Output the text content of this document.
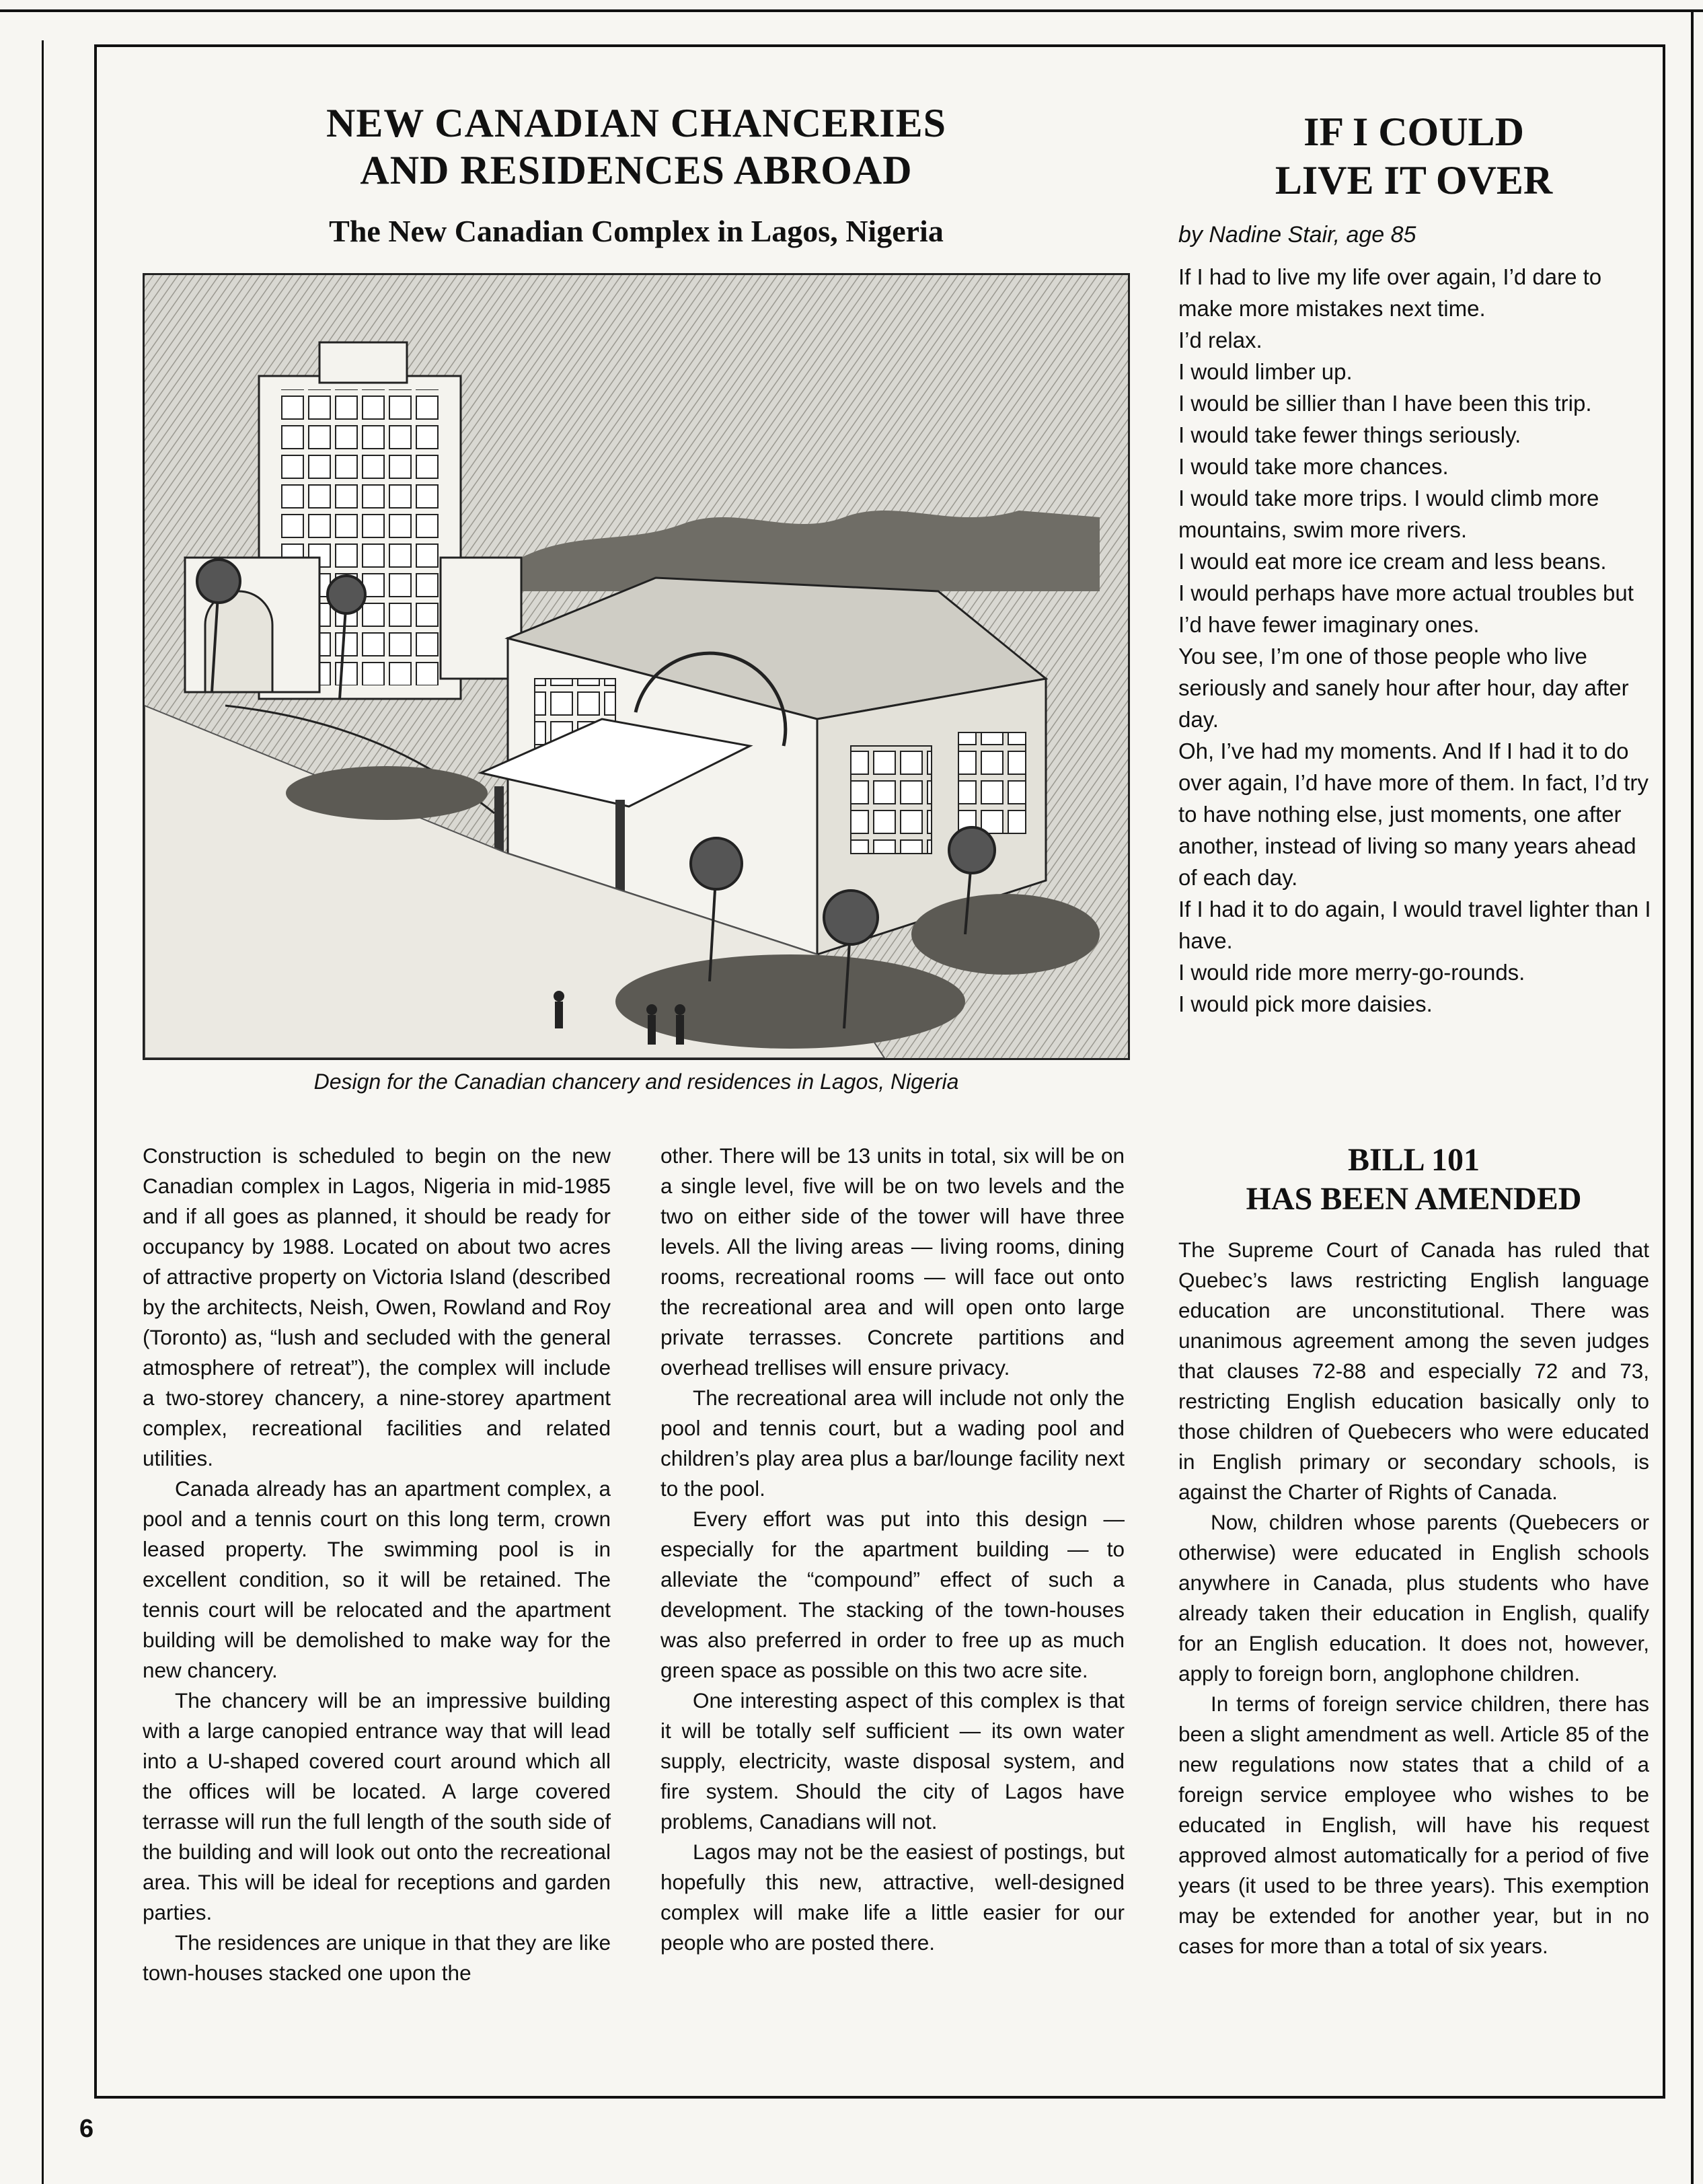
NEW CANADIAN CHANCERIES
AND RESIDENCES ABROAD
The New Canadian Complex in Lagos, Nigeria
Design for the Canadian chancery and residences in Lagos, Nigeria

Construction is scheduled to begin on the new Canadian complex in Lagos, Nigeria in mid-1985 and if all goes as planned, it should be ready for occupancy by 1988. Located on about two acres of attractive property on Victoria Island (described by the architects, Neish, Owen, Rowland and Roy (Toronto) as, “lush and secluded with the general atmosphere of retreat”), the complex will include a two-storey chancery, a nine-storey apartment complex, recreational facilities and related utilities.

Canada already has an apartment complex, a pool and a tennis court on this long term, crown leased property. The swimming pool is in excellent condition, so it will be retained. The tennis court will be relocated and the apartment building will be demolished to make way for the new chancery.

The chancery will be an impressive building with a large canopied entrance way that will lead into a U-shaped covered court around which all the offices will be located. A large covered terrasse will run the full length of the south side of the building and will look out onto the recreational area. This will be ideal for receptions and garden parties.

The residences are unique in that they are like town-houses stacked one upon the

other. There will be 13 units in total, six will be on a single level, five will be on two levels and the two on either side of the tower will have three levels. All the living areas — living rooms, dining rooms, recreational rooms — will face out onto the recreational area and will open onto large private terrasses. Concrete partitions and overhead trellises will ensure privacy.

The recreational area will include not only the pool and tennis court, but a wading pool and children’s play area plus a bar/lounge facility next to the pool.

Every effort was put into this design — especially for the apartment building — to alleviate the “compound” effect of such a development. The stacking of the town-houses was also preferred in order to free up as much green space as possible on this two acre site.

One interesting aspect of this complex is that it will be totally self sufficient — its own water supply, electricity, waste disposal system, and fire system. Should the city of Lagos have problems, Canadians will not.

Lagos may not be the easiest of postings, but hopefully this new, attractive, well-designed complex will make life a little easier for our people who are posted there.

IF I COULD
LIVE IT OVER
by Nadine Stair, age 85

If I had to live my life over again, I’d dare to make more mistakes next time.

I’d relax.

I would limber up.

I would be sillier than I have been this trip.

I would take fewer things seriously.

I would take more chances.

I would take more trips. I would climb more mountains, swim more rivers.

I would eat more ice cream and less beans.

I would perhaps have more actual troubles but I’d have fewer imaginary ones.

You see, I’m one of those people who live seriously and sanely hour after hour, day after day.

Oh, I’ve had my moments. And If I had it to do over again, I’d have more of them. In fact, I’d try to have nothing else, just moments, one after another, instead of living so many years ahead of each day.

If I had it to do again, I would travel lighter than I have.

I would ride more merry-go-rounds.

I would pick more daisies.

BILL 101
HAS BEEN AMENDED

The Supreme Court of Canada has ruled that Quebec’s laws restricting English language education are unconstitutional. There was unanimous agreement among the seven judges that clauses 72-88 and especially 72 and 73, restricting English education basically only to those children of Quebecers who were educated in English primary or secondary schools, is against the Charter of Rights of Canada.

Now, children whose parents (Quebecers or otherwise) were educated in English schools anywhere in Canada, plus students who have already taken their education in English, qualify for an English education. It does not, however, apply to foreign born, anglophone children.

In terms of foreign service children, there has been a slight amendment as well. Article 85 of the new regulations now states that a child of a foreign service employee who wishes to be educated in English, will have his request approved almost automatically for a period of five years (it used to be three years). This exemption may be extended for another year, but in no cases for more than a total of six years.

6
